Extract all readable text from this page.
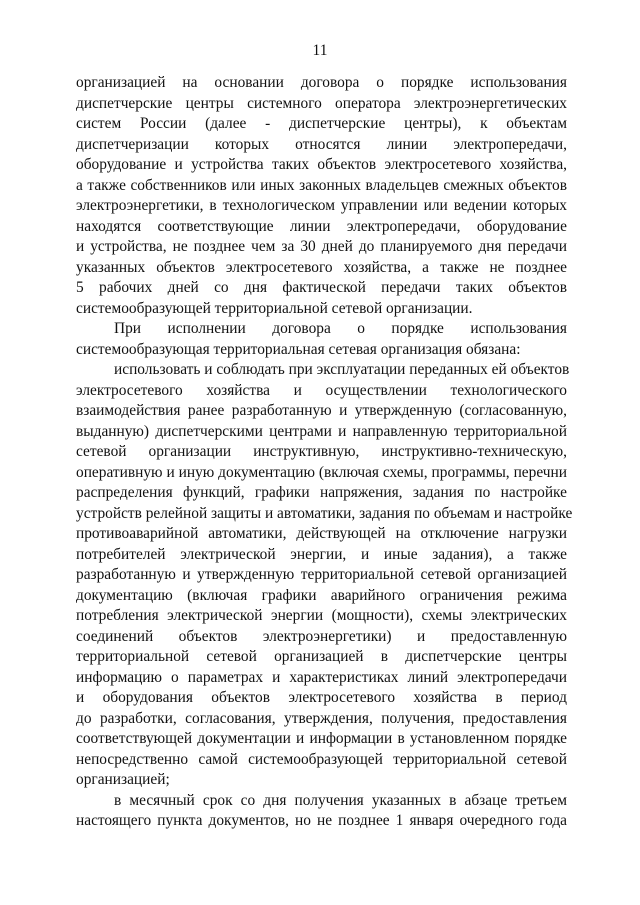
11
организацией на основании договора о порядке использования
диспетчерские центры системного оператора электроэнергетических
систем России (далее - диспетчерские центры), к объектам
диспетчеризации которых относятся линии электропередачи,
оборудование и устройства таких объектов электросетевого хозяйства,
а также собственников или иных законных владельцев смежных объектов
электроэнергетики, в технологическом управлении или ведении которых
находятся соответствующие линии электропередачи, оборудование
и устройства, не позднее чем за 30 дней до планируемого дня передачи
указанных объектов электросетевого хозяйства, а также не позднее
5 рабочих дней со дня фактической передачи таких объектов
системообразующей территориальной сетевой организации.
При исполнении договора о порядке использования
системообразующая территориальная сетевая организация обязана:
использовать и соблюдать при эксплуатации переданных ей объектов
электросетевого хозяйства и осуществлении технологического
взаимодействия ранее разработанную и утвержденную (согласованную,
выданную) диспетчерскими центрами и направленную территориальной
сетевой организации инструктивную, инструктивно-техническую,
оперативную и иную документацию (включая схемы, программы, перечни
распределения функций, графики напряжения, задания по настройке
устройств релейной защиты и автоматики, задания по объемам и настройке
противоаварийной автоматики, действующей на отключение нагрузки
потребителей электрической энергии, и иные задания), а также
разработанную и утвержденную территориальной сетевой организацией
документацию (включая графики аварийного ограничения режима
потребления электрической энергии (мощности), схемы электрических
соединений объектов электроэнергетики) и предоставленную
территориальной сетевой организацией в диспетчерские центры
информацию о параметрах и характеристиках линий электропередачи
и оборудования объектов электросетевого хозяйства в период
до разработки, согласования, утверждения, получения, предоставления
соответствующей документации и информации в установленном порядке
непосредственно самой системообразующей территориальной сетевой
организацией;
в месячный срок со дня получения указанных в абзаце третьем
настоящего пункта документов, но не позднее 1 января очередного года
